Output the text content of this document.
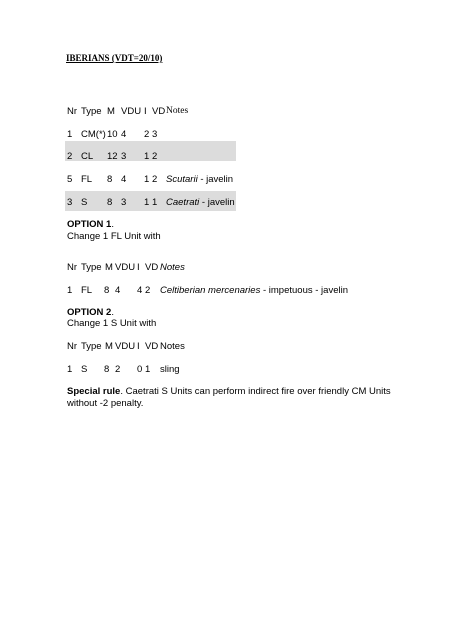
IBERIANS (VDT=20/10)
Nr Type M VDU I VD Notes
1 CM(*) 10 4 2 3
2 CL 12 3 1 2
5 FL 8 4 1 2 Scutarii - javelin
3 S 8 3 1 1 Caetrati - javelin
OPTION 1.
Change 1 FL Unit with
Nr Type M VDU I VD Notes
1 FL 8 4 4 2 Celtiberian mercenaries - impetuous - javelin
OPTION 2.
Change 1 S Unit with
Nr Type M VDU I VD Notes
1 S 8 2 0 1 sling
Special rule. Caetrati S Units can perform indirect fire over friendly CM Units
without -2 penalty.
